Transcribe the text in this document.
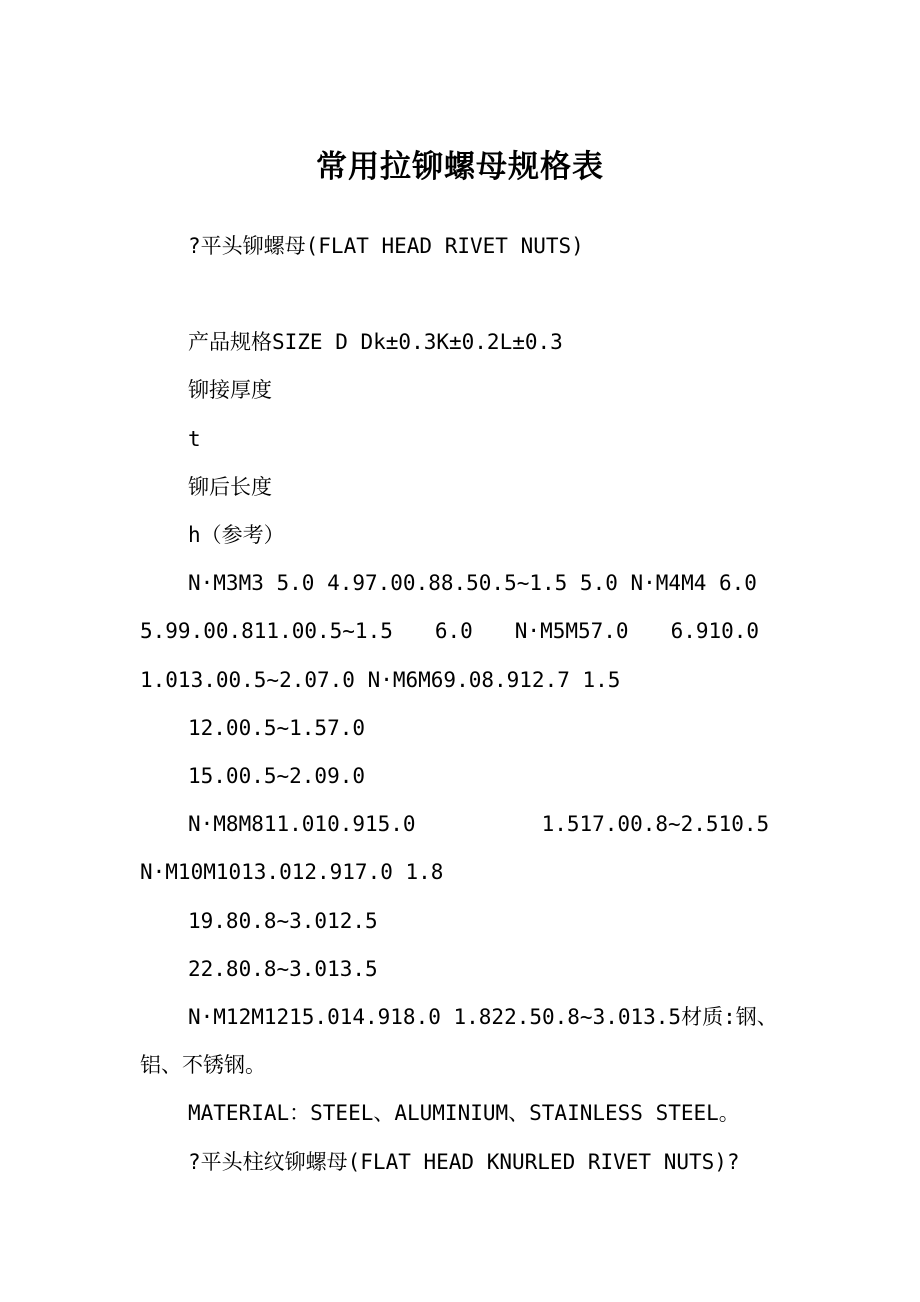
常用拉铆螺母规格表

?平头铆螺母(FLAT HEAD RIVET NUTS)

产品规格SIZE D Dk±0.3K±0.2L±0.3

铆接厚度

t

铆后长度

h（参考）

N·M3M3 5.0 4.97.00.88.50.5~1.5 5.0 N·M4M4 6.0 5.99.00.811.00.5~1.5　　6.0　　N·M5M57.0　　6.910.0 1.013.00.5~2.07.0 N·M6M69.08.912.7 1.5

12.00.5~1.57.0

15.00.5~2.09.0

N·M8M811.010.915.0　　　　　　1.517.00.8~2.510.5 N·M10M1013.012.917.0 1.8

19.80.8~3.012.5

22.80.8~3.013.5

N·M12M1215.014.918.0 1.822.50.8~3.013.5材质:钢、铝、不锈钢。

MATERIAL：STEEL、ALUMINIUM、STAINLESS STEEL。

?平头柱纹铆螺母(FLAT HEAD KNURLED RIVET NUTS)?
